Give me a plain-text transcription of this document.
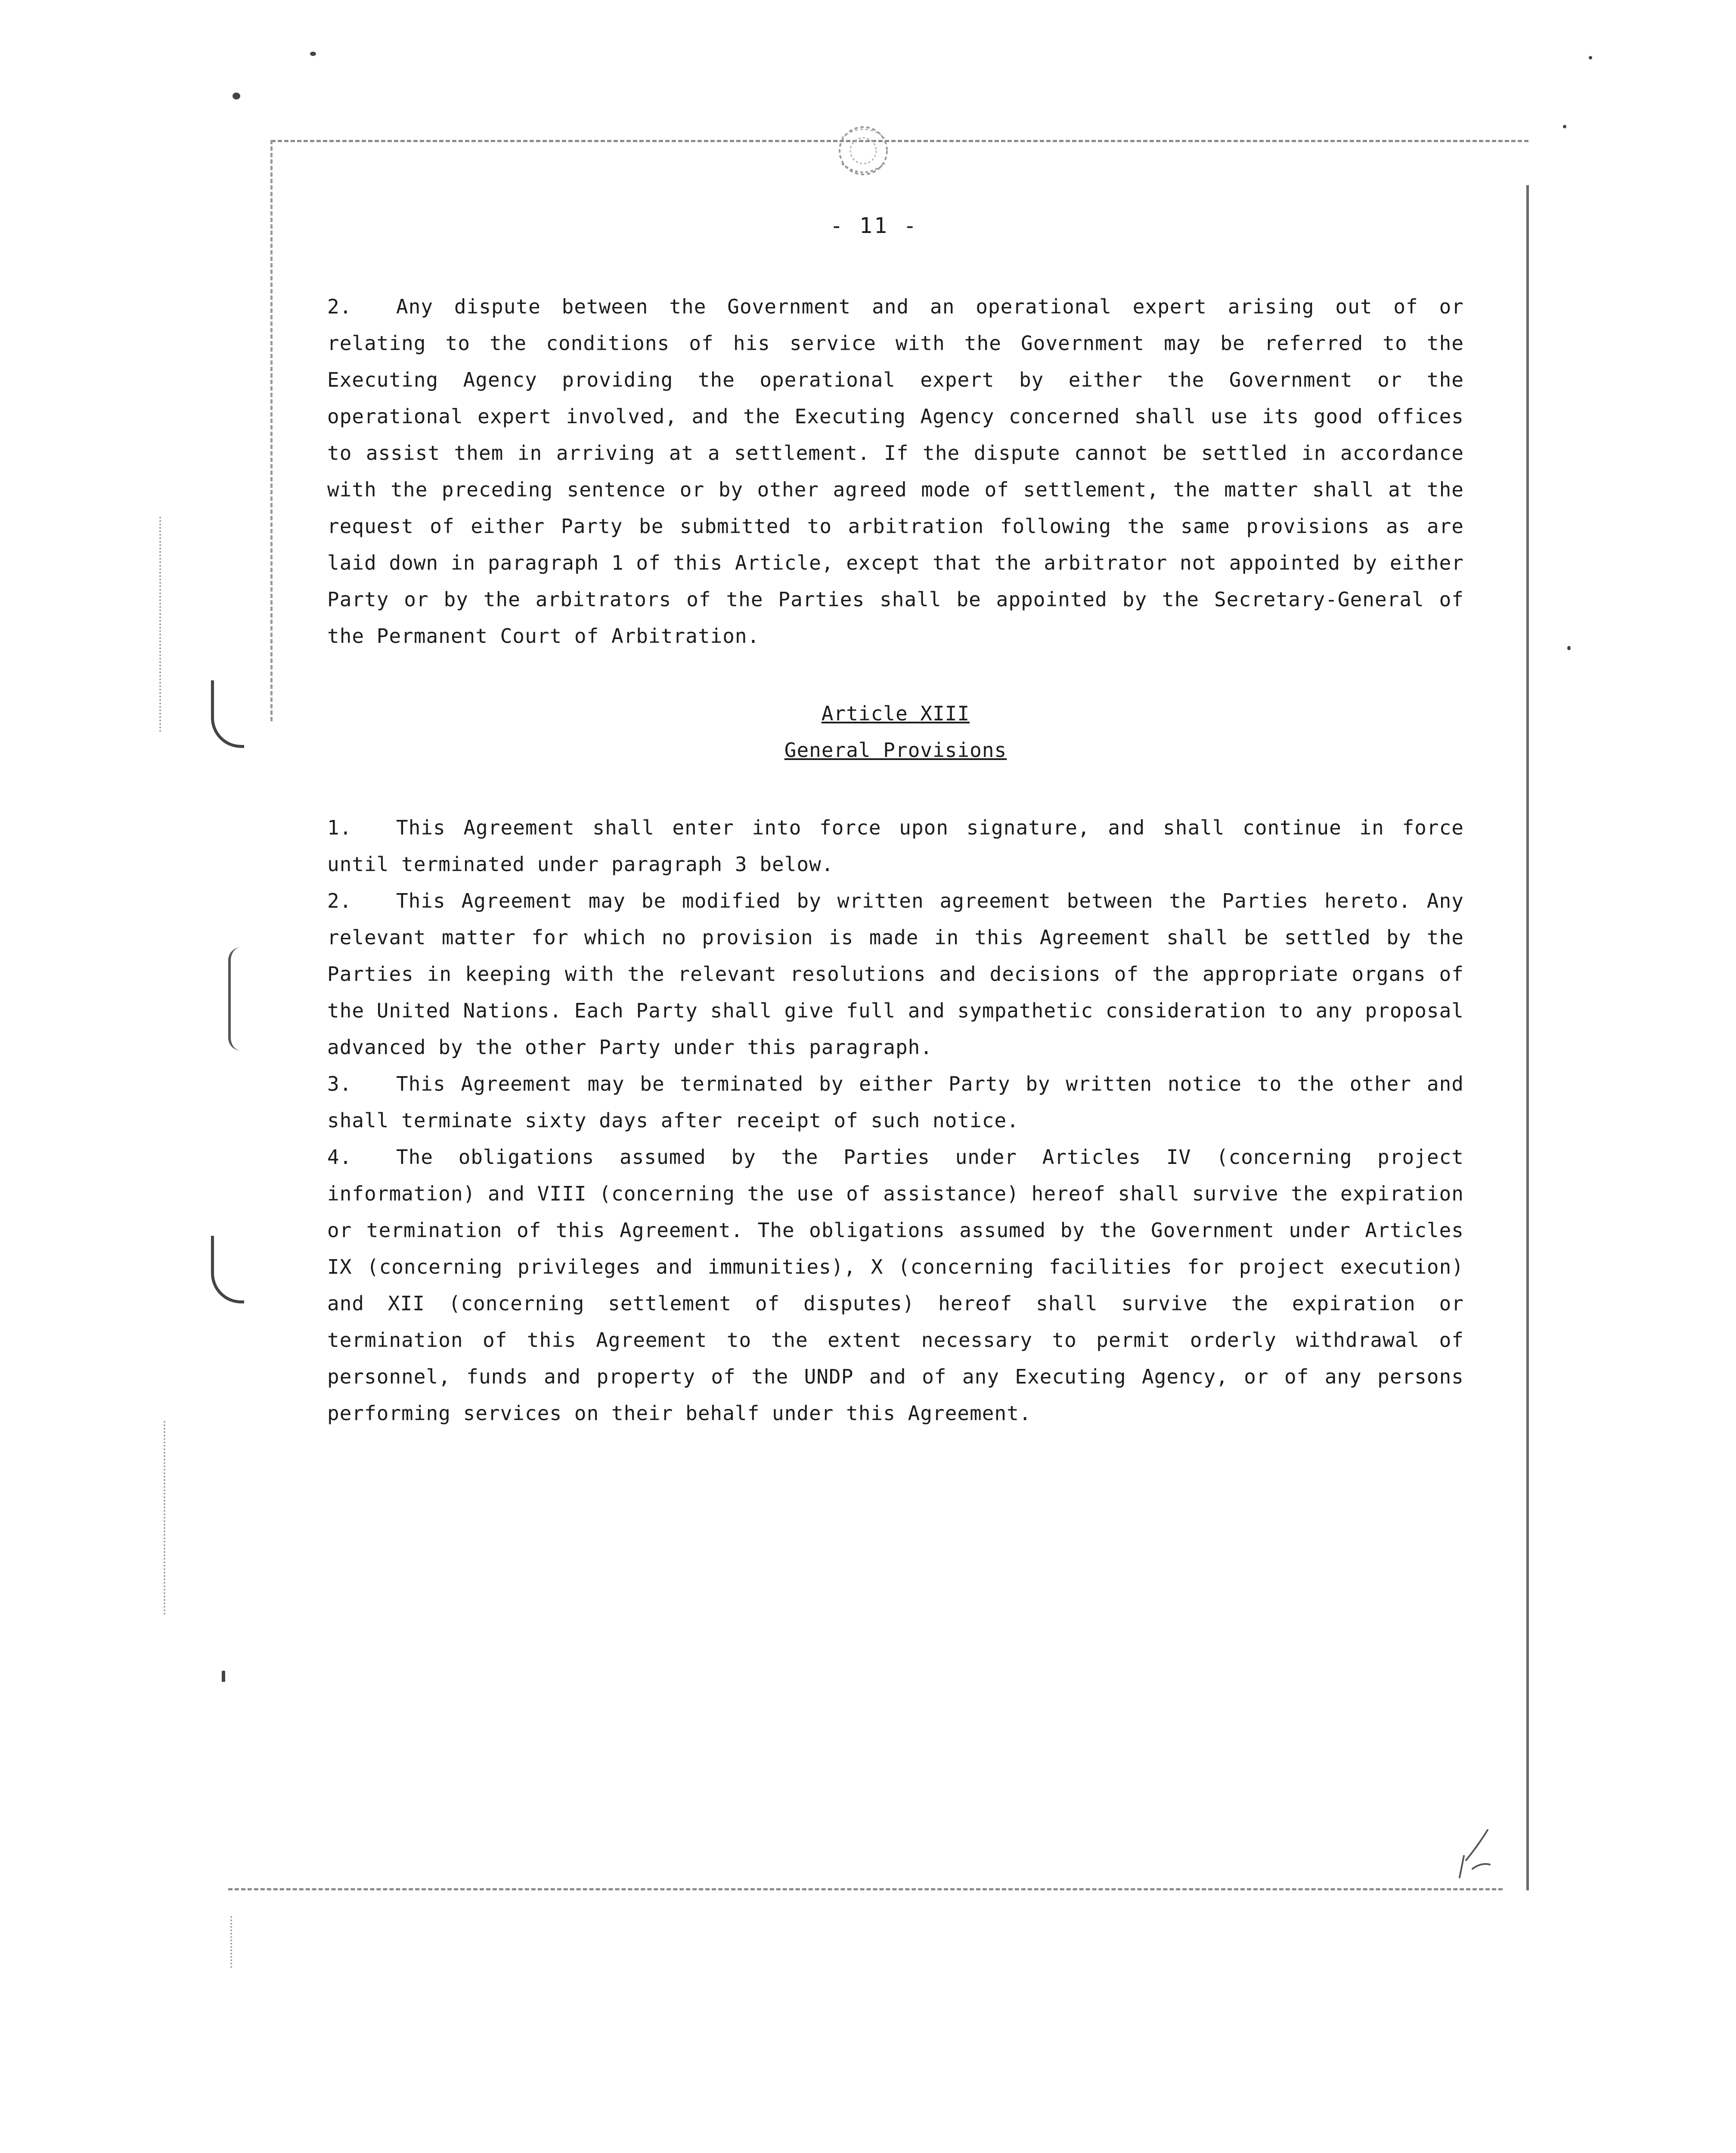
- 11 -

2. Any dispute between the Government and an operational expert arising out of or relating to the conditions of his service with the Government may be referred to the Executing Agency providing the operational expert by either the Government or the operational expert involved, and the Executing Agency concerned shall use its good offices to assist them in arriving at a settlement. If the dispute cannot be settled in accordance with the preceding sentence or by other agreed mode of settlement, the matter shall at the request of either Party be submitted to arbitration following the same provisions as are laid down in paragraph 1 of this Article, except that the arbitrator not appointed by either Party or by the arbitrators of the Parties shall be appointed by the Secretary-General of the Permanent Court of Arbitration.

Article XIII
General Provisions

1. This Agreement shall enter into force upon signature, and shall continue in force until terminated under paragraph 3 below.

2. This Agreement may be modified by written agreement between the Parties hereto. Any relevant matter for which no provision is made in this Agreement shall be settled by the Parties in keeping with the relevant resolutions and decisions of the appropriate organs of the United Nations. Each Party shall give full and sympathetic consideration to any proposal advanced by the other Party under this paragraph.

3. This Agreement may be terminated by either Party by written notice to the other and shall terminate sixty days after receipt of such notice.

4. The obligations assumed by the Parties under Articles IV (concerning project information) and VIII (concerning the use of assistance) hereof shall survive the expiration or termination of this Agreement. The obligations assumed by the Government under Articles IX (concerning privileges and immunities), X (concerning facilities for project execution) and XII (concerning settlement of disputes) hereof shall survive the expiration or termination of this Agreement to the extent necessary to permit orderly withdrawal of personnel, funds and property of the UNDP and of any Executing Agency, or of any persons performing services on their behalf under this Agreement.
